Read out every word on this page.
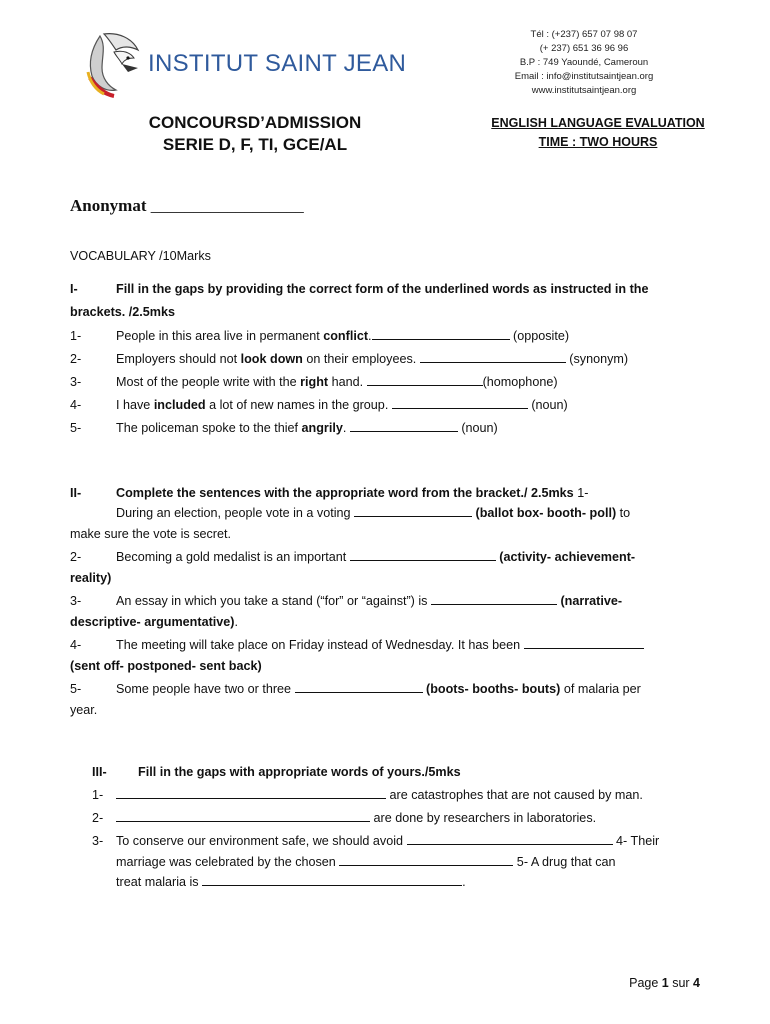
INSTITUT SAINT JEAN
Tél : (+237) 657 07 98 07
(+ 237) 651 36 96 96
B.P : 749 Yaoundé, Cameroun
Email : info@institutsaintjean.org
www.institutsaintjean.org
CONCOURSD’ADMISSION
SERIE D, F, TI, GCE/AL
ENGLISH LANGUAGE EVALUATION
TIME : TWO HOURS
Anonymat __________________

VOCABULARY /10Marks

I-	Fill in the gaps by providing the correct form of the underlined words as instructed in the

brackets. /2.5mks

1-	People in this area live in permanent conflict.	(opposite)
2-	Employers should not look down on their employees.	(synonym)
3-	Most of the people write with the right hand.	(homophone)
4-	I have included a lot of new names in the group.	(noun)
5-	The policeman spoke to the thief angrily.	(noun)
II-	Complete the sentences with the appropriate word from the bracket./ 2.5mks 1-
During an election, people vote in a voting	(ballot box- booth- poll) to

make sure the vote is secret.

2-	Becoming a gold medalist is an important	(activity- achievement-

reality)

3-	An essay in which you take a stand (“for” or “against”) is	(narrative-

descriptive- argumentative).

4-	The meeting will take place on Friday instead of Wednesday. It has been

(sent off- postponed- sent back)

5-	Some people have two or three	(boots- booths- bouts) of malaria per

year.

III-	Fill in the gaps with appropriate words of yours./5mks
1-	are catastrophes that are not caused by man.
2-	are done by researchers in laboratories.
3-	To conserve our environment safe, we should avoid	4- Their
marriage was celebrated by the chosen	5- A drug that can
treat malaria is	.
Page 1 sur 4
